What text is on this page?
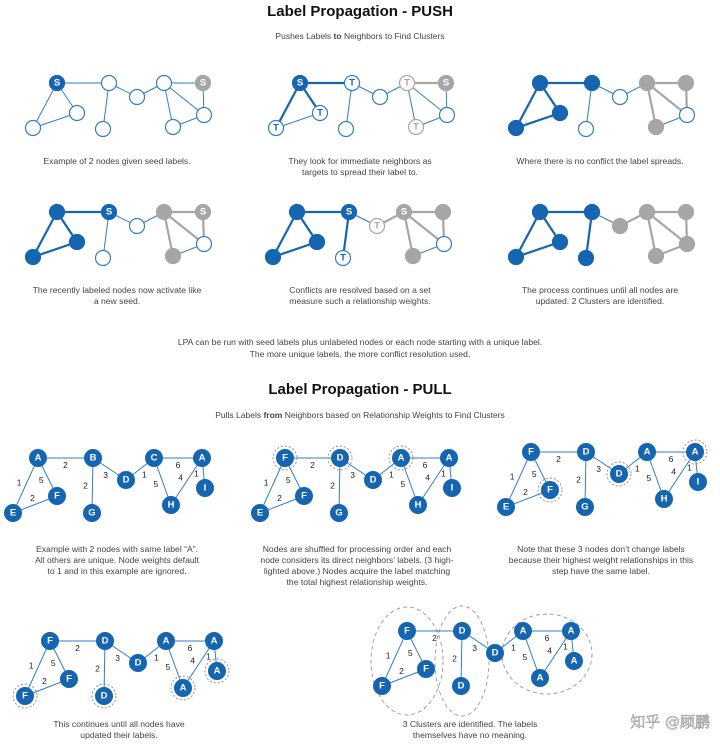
Label Propagation - PUSH
Pushes Labels to Neighbors to Find Clusters
S	S	S	T
T
T
T	S
T
S	S	S
T
T
S
Example of 2 nodes given seed labels.	They look for immediate neighbors as targets to spread their label to.
Where there is no conflict the label spreads.
The recently labeled nodes now activate like a new seed.
Conflicts are resolved based on a set measure such a relationship weights.
The process continues until all nodes are updated. 2 Clusters are identified.
LPA can be run with seed labels plus unlabeled nodes or each node starting with a unique label. The more unique labels, the more conflict resolution used.
Label Propagation - PULL
Pulls Labels from Neighbors based on Relationship Weights to Find Clusters
2
5
1
2
3
2
1
6
5
4 1
A	B	C	A
F
E	G
D
H
I
2
5
1
2
3
2
1
6
5
4 1
F	D	A	A
F
E	G
D
H
I
2
5
1
2
3
2
1
6
5
4 1
F	D	A	A
F
E	G
D
H
I
2
5
1
2
3
2
1
6
5
4 1
F	D	A	A
F
F	D
D
A
A
2
5
1
2
3
2
1
6
5
4 1
F	D	A	A
F
F	D
D
A
A
Example with 2 nodes with same label “A”. All others are unique. Node weights default to 1 and in this example are ignored.
Nodes are shuffled for processing order and each node considers its direct neighbors’ labels. (3 high-lighted above.) Nodes acquire the label matching the total highest relationship weights.
Note that these 3 nodes don’t change labels because their highest weight relationships in this step have the same label.
This continues until all nodes have updated their labels.
3 Clusters are identified. The labels themselves have no meaning.
知乎 @顾鹏
